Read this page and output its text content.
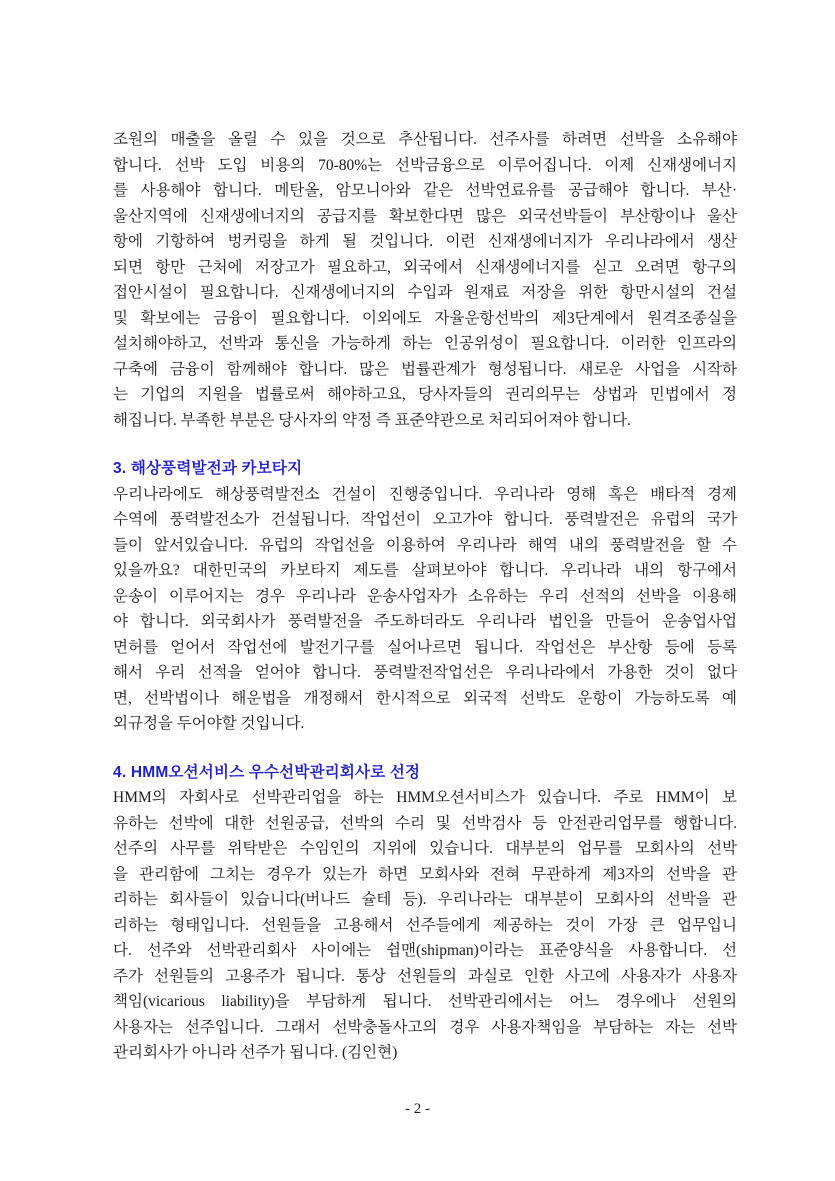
조원의 매출을 올릴 수 있을 것으로 추산됩니다. 선주사를 하려면 선박을 소유해야
합니다. 선박 도입 비용의 70-80%는 선박금융으로 이루어집니다. 이제 신재생에너지
를 사용해야 합니다. 메탄올, 암모니아와 같은 선박연료유를 공급해야 합니다. 부산·
울산지역에 신재생에너지의 공급지를 확보한다면 많은 외국선박들이 부산항이나 울산
항에 기항하여 벙커링을 하게 될 것입니다. 이런 신재생에너지가 우리나라에서 생산
되면 항만 근처에 저장고가 필요하고, 외국에서 신재생에너지를 싣고 오려면 항구의
접안시설이 필요합니다. 신재생에너지의 수입과 원재료 저장을 위한 항만시설의 건설
및 확보에는 금융이 필요합니다. 이외에도 자율운항선박의 제3단계에서 원격조종실을
설치해야하고, 선박과 통신을 가능하게 하는 인공위성이 필요합니다. 이러한 인프라의
구축에 금융이 함께해야 합니다. 많은 법률관계가 형성됩니다. 새로운 사업을 시작하
는 기업의 지원을 법률로써 해야하고요, 당사자들의 권리의무는 상법과 민법에서 정
해집니다. 부족한 부분은 당사자의 약정 즉 표준약관으로 처리되어져야 합니다.
3. 해상풍력발전과 카보타지
우리나라에도 해상풍력발전소 건설이 진행중입니다. 우리나라 영해 혹은 배타적 경제
수역에 풍력발전소가 건설됩니다. 작업선이 오고가야 합니다. 풍력발전은 유럽의 국가
들이 앞서있습니다. 유럽의 작업선을 이용하여 우리나라 해역 내의 풍력발전을 할 수
있을까요? 대한민국의 카보타지 제도를 살펴보아야 합니다. 우리나라 내의 항구에서
운송이 이루어지는 경우 우리나라 운송사업자가 소유하는 우리 선적의 선박을 이용해
야 합니다. 외국회사가 풍력발전을 주도하더라도 우리나라 법인을 만들어 운송업사업
면허를 얻어서 작업선에 발전기구를 실어나르면 됩니다. 작업선은 부산항 등에 등록
해서 우리 선적을 얻어야 합니다. 풍력발전작업선은 우리나라에서 가용한 것이 없다
면, 선박법이나 해운법을 개정해서 한시적으로 외국적 선박도 운항이 가능하도록 예
외규정을 두어야할 것입니다.
4. HMM오션서비스 우수선박관리회사로 선정
HMM의 자회사로 선박관리업을 하는 HMM오션서비스가 있습니다. 주로 HMM이 보
유하는 선박에 대한 선원공급, 선박의 수리 및 선박검사 등 안전관리업무를 행합니다.
선주의 사무를 위탁받은 수임인의 지위에 있습니다. 대부분의 업무를 모회사의 선박
을 관리함에 그치는 경우가 있는가 하면 모회사와 전혀 무관하게 제3자의 선박을 관
리하는 회사들이 있습니다(버나드 슐테 등). 우리나라는 대부분이 모회사의 선박을 관
리하는 형태입니다. 선원들을 고용해서 선주들에게 제공하는 것이 가장 큰 업무입니
다. 선주와 선박관리회사 사이에는 쉽맨(shipman)이라는 표준양식을 사용합니다. 선
주가 선원들의 고용주가 됩니다. 통상 선원들의 과실로 인한 사고에 사용자가 사용자
책임(vicarious liability)을 부담하게 됩니다. 선박관리에서는 어느 경우에나 선원의
사용자는 선주입니다. 그래서 선박충돌사고의 경우 사용자책임을 부담하는 자는 선박
관리회사가 아니라 선주가 됩니다. (김인현)
- 2 -
